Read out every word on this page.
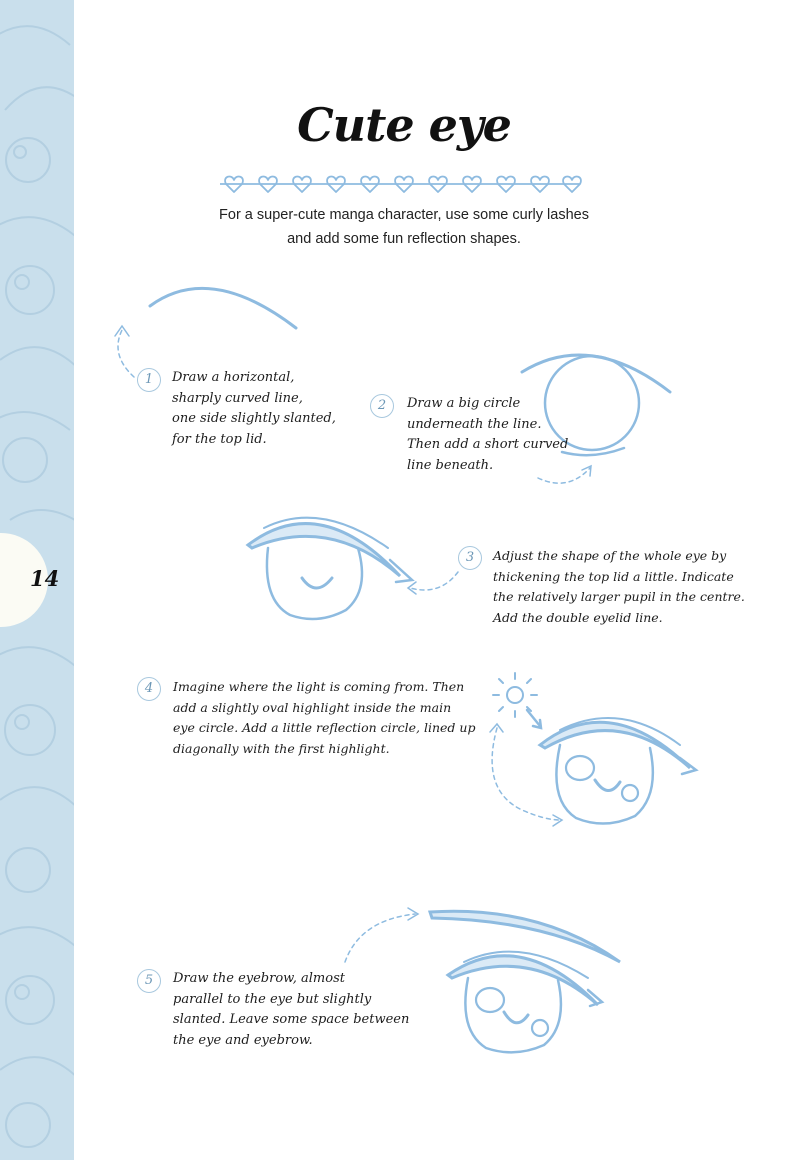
14
Cute eye
For a super-cute manga character, use some curly lashes
and add some fun reflection shapes.
1	Draw a horizontal,
sharply curved line,
one side slightly slanted,
for the top lid.
2	Draw a big circle
underneath the line.
Then add a short curved
line beneath.
3	Adjust the shape of the whole eye by
thickening the top lid a little. Indicate
the relatively larger pupil in the centre.
Add the double eyelid line.
4	Imagine where the light is coming from. Then
add a slightly oval highlight inside the main
eye circle. Add a little reflection circle, lined up
diagonally with the first highlight.
5	Draw the eyebrow, almost
parallel to the eye but slightly
slanted. Leave some space between
the eye and eyebrow.
